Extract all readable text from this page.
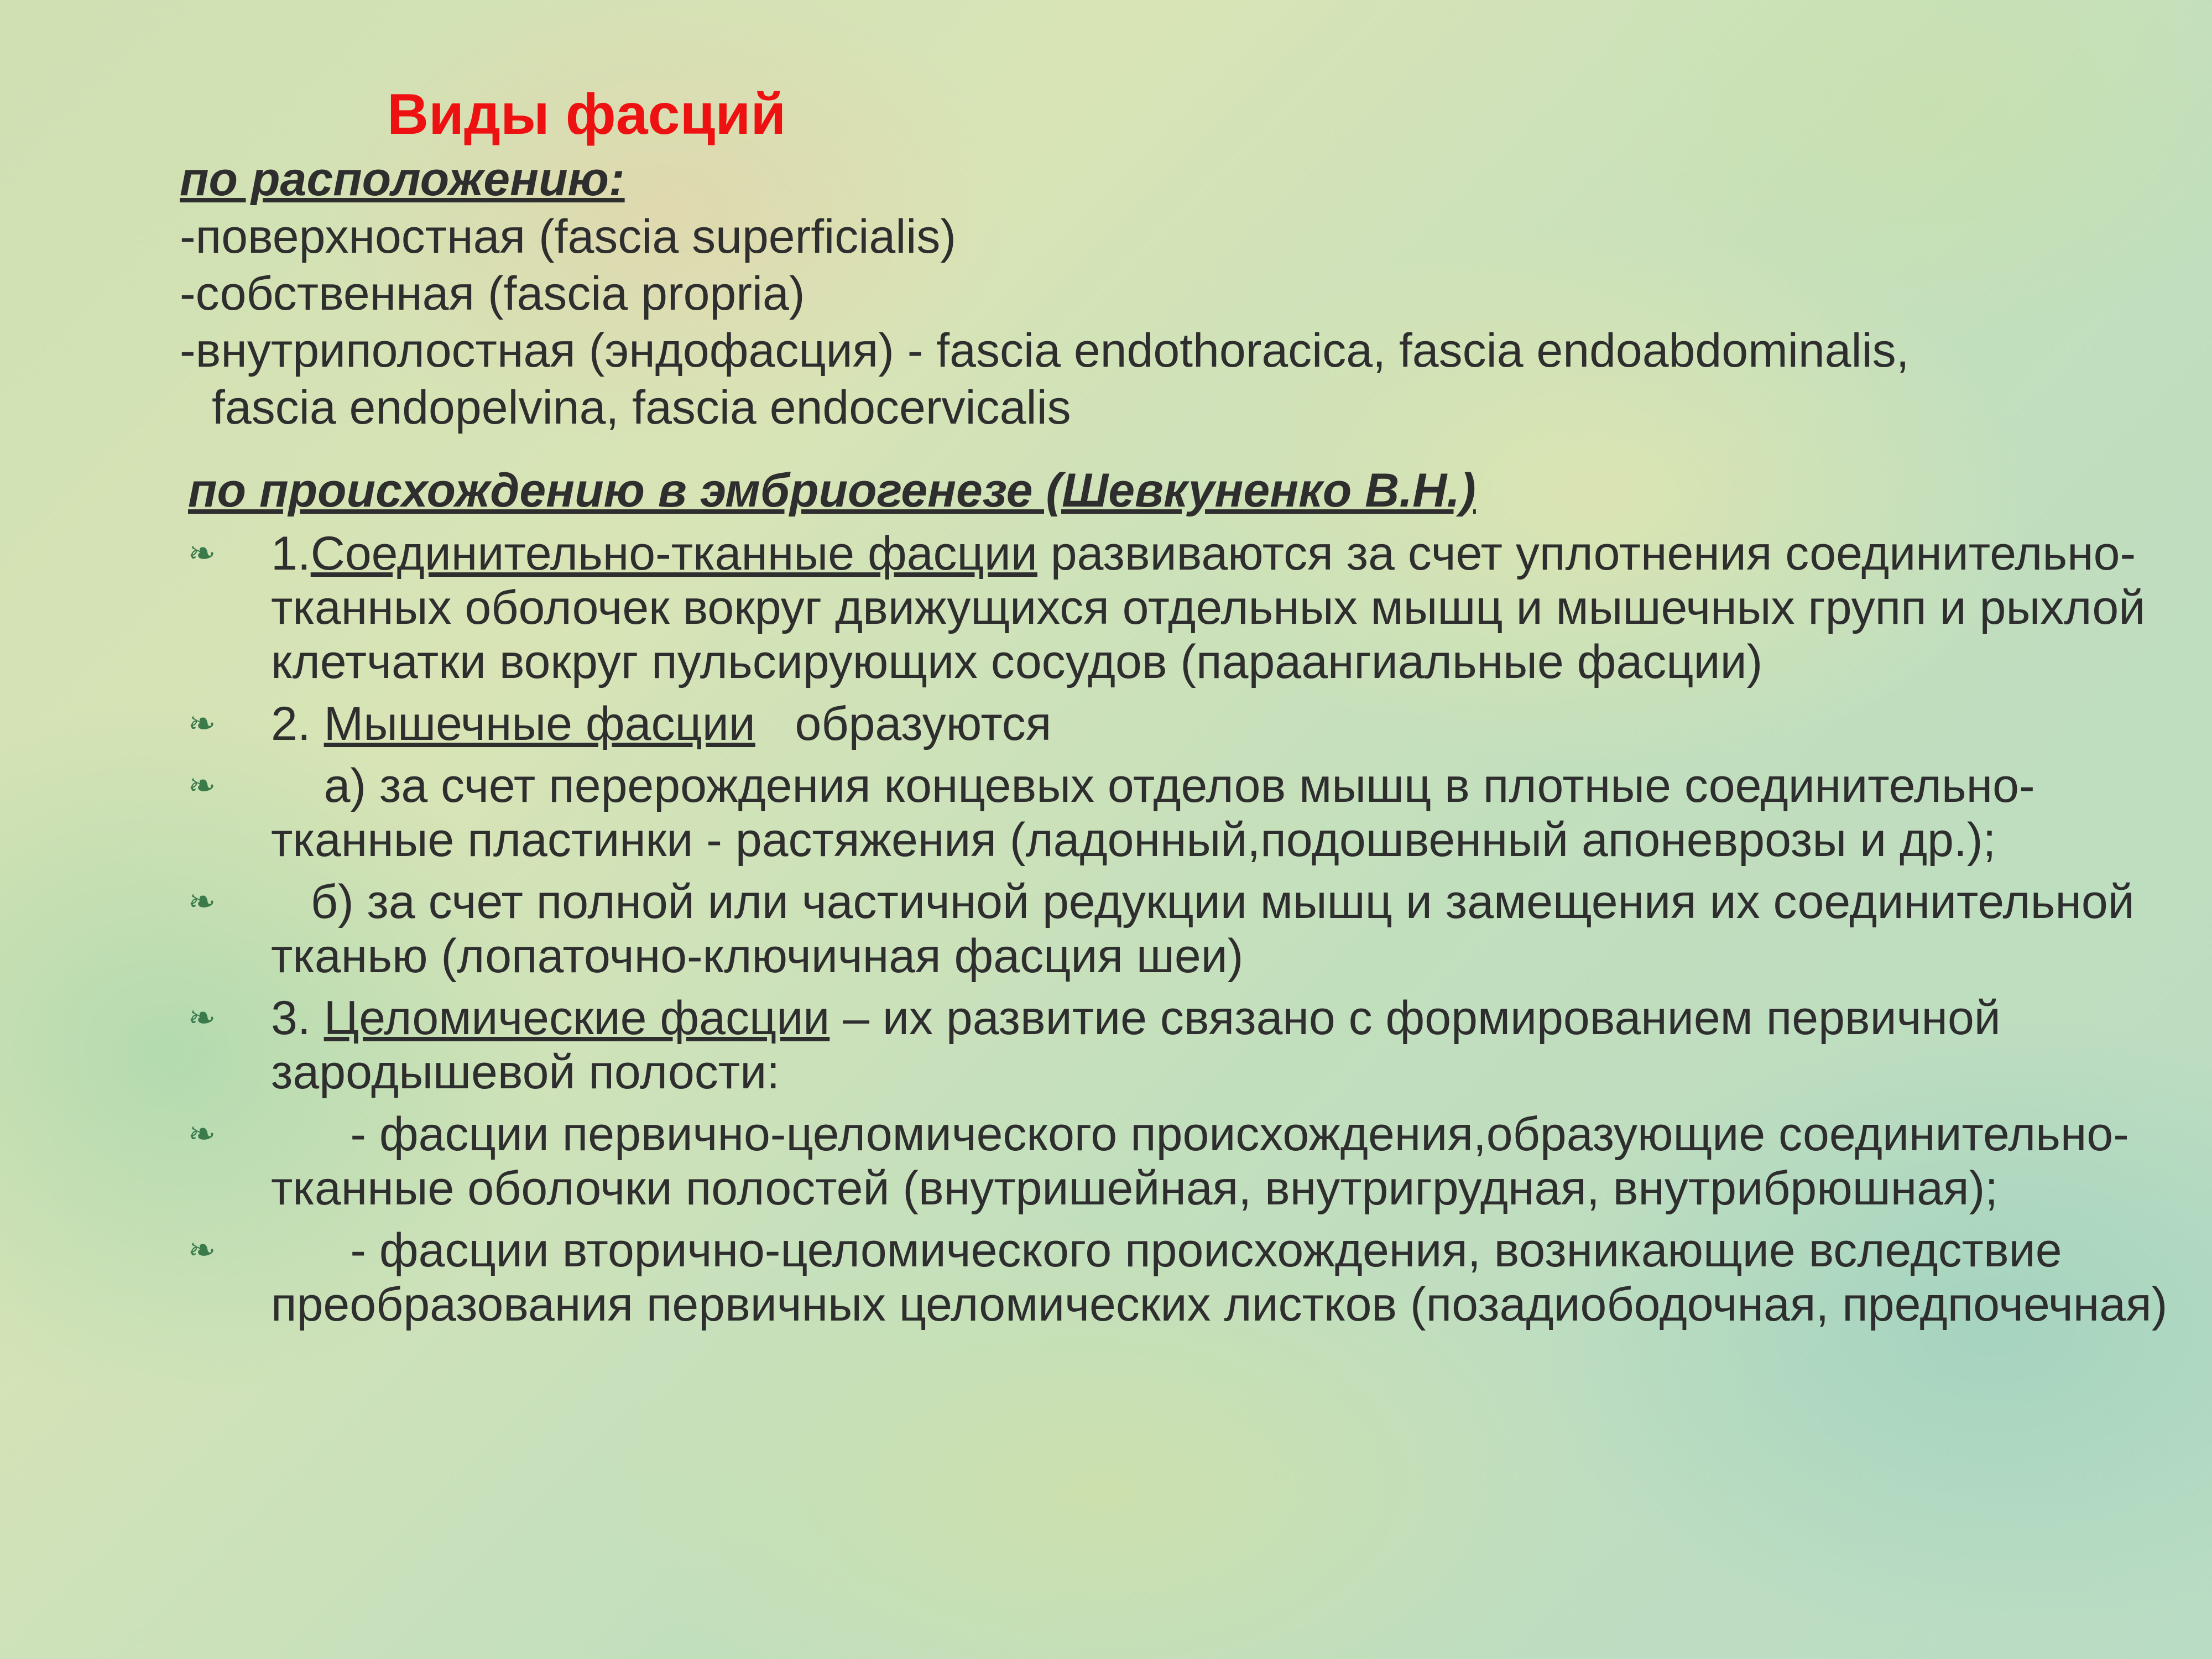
Виды фасций

по расположению:

-поверхностная (fascia superficialis)

-собственная (fascia propria)

-внутриполостная (эндофасция) - fascia endothoracica, fascia endoabdominalis,

fascia endopelvina, fascia endocervicalis

по происхождению в эмбриогенезе (Шевкуненко В.Н.)

❧ 1.Соединительно-тканные фасции развиваются за счет уплотнения соединительно-тканных оболочек вокруг движущихся отдельных мышц и мышечных групп и рыхлой клетчатки вокруг пульсирующих сосудов (параангиальные фасции)
❧ 2. Мышечные фасции   образуются
❧ а) за счет перерождения концевых отделов мышц в плотные соединительно-тканные пластинки - растяжения (ладонный,подошвенный апоневрозы и др.);
❧ б) за счет полной или частичной редукции мышц и замещения их соединительной тканью (лопаточно-ключичная фасция шеи)
❧ 3. Целомические фасции – их развитие связано с формированием первичной зародышевой полости:
❧	- фасции первично-целомического происхождения,образующие соединительно-тканные оболочки полостей (внутришейная, внутригрудная, внутрибрюшная);
❧	- фасции вторично-целомического происхождения, возникающие вследствие преобразования первичных целомических листков (позадиободочная, предпочечная)
